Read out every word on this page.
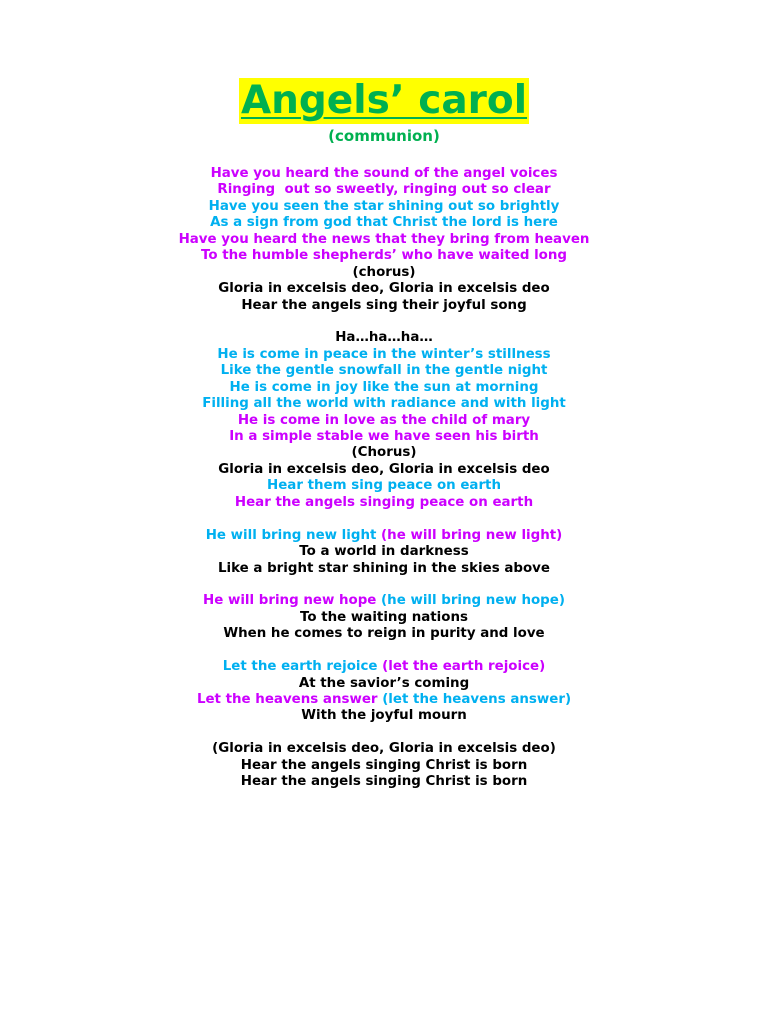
Angels’ carol
(communion)
Have you heard the sound of the angel voices
Ringing  out so sweetly, ringing out so clear
Have you seen the star shining out so brightly
As a sign from god that Christ the lord is here
Have you heard the news that they bring from heaven
To the humble shepherds’ who have waited long
(chorus)
Gloria in excelsis deo, Gloria in excelsis deo
Hear the angels sing their joyful song
Ha…ha…ha…
He is come in peace in the winter’s stillness
Like the gentle snowfall in the gentle night
He is come in joy like the sun at morning
Filling all the world with radiance and with light
He is come in love as the child of mary
In a simple stable we have seen his birth
(Chorus)
Gloria in excelsis deo, Gloria in excelsis deo
Hear them sing peace on earth
Hear the angels singing peace on earth
He will bring new light (he will bring new light)
To a world in darkness
Like a bright star shining in the skies above
He will bring new hope (he will bring new hope)
To the waiting nations
When he comes to reign in purity and love
Let the earth rejoice (let the earth rejoice)
At the savior’s coming
Let the heavens answer (let the heavens answer)
With the joyful mourn
(Gloria in excelsis deo, Gloria in excelsis deo)
Hear the angels singing Christ is born
Hear the angels singing Christ is born
